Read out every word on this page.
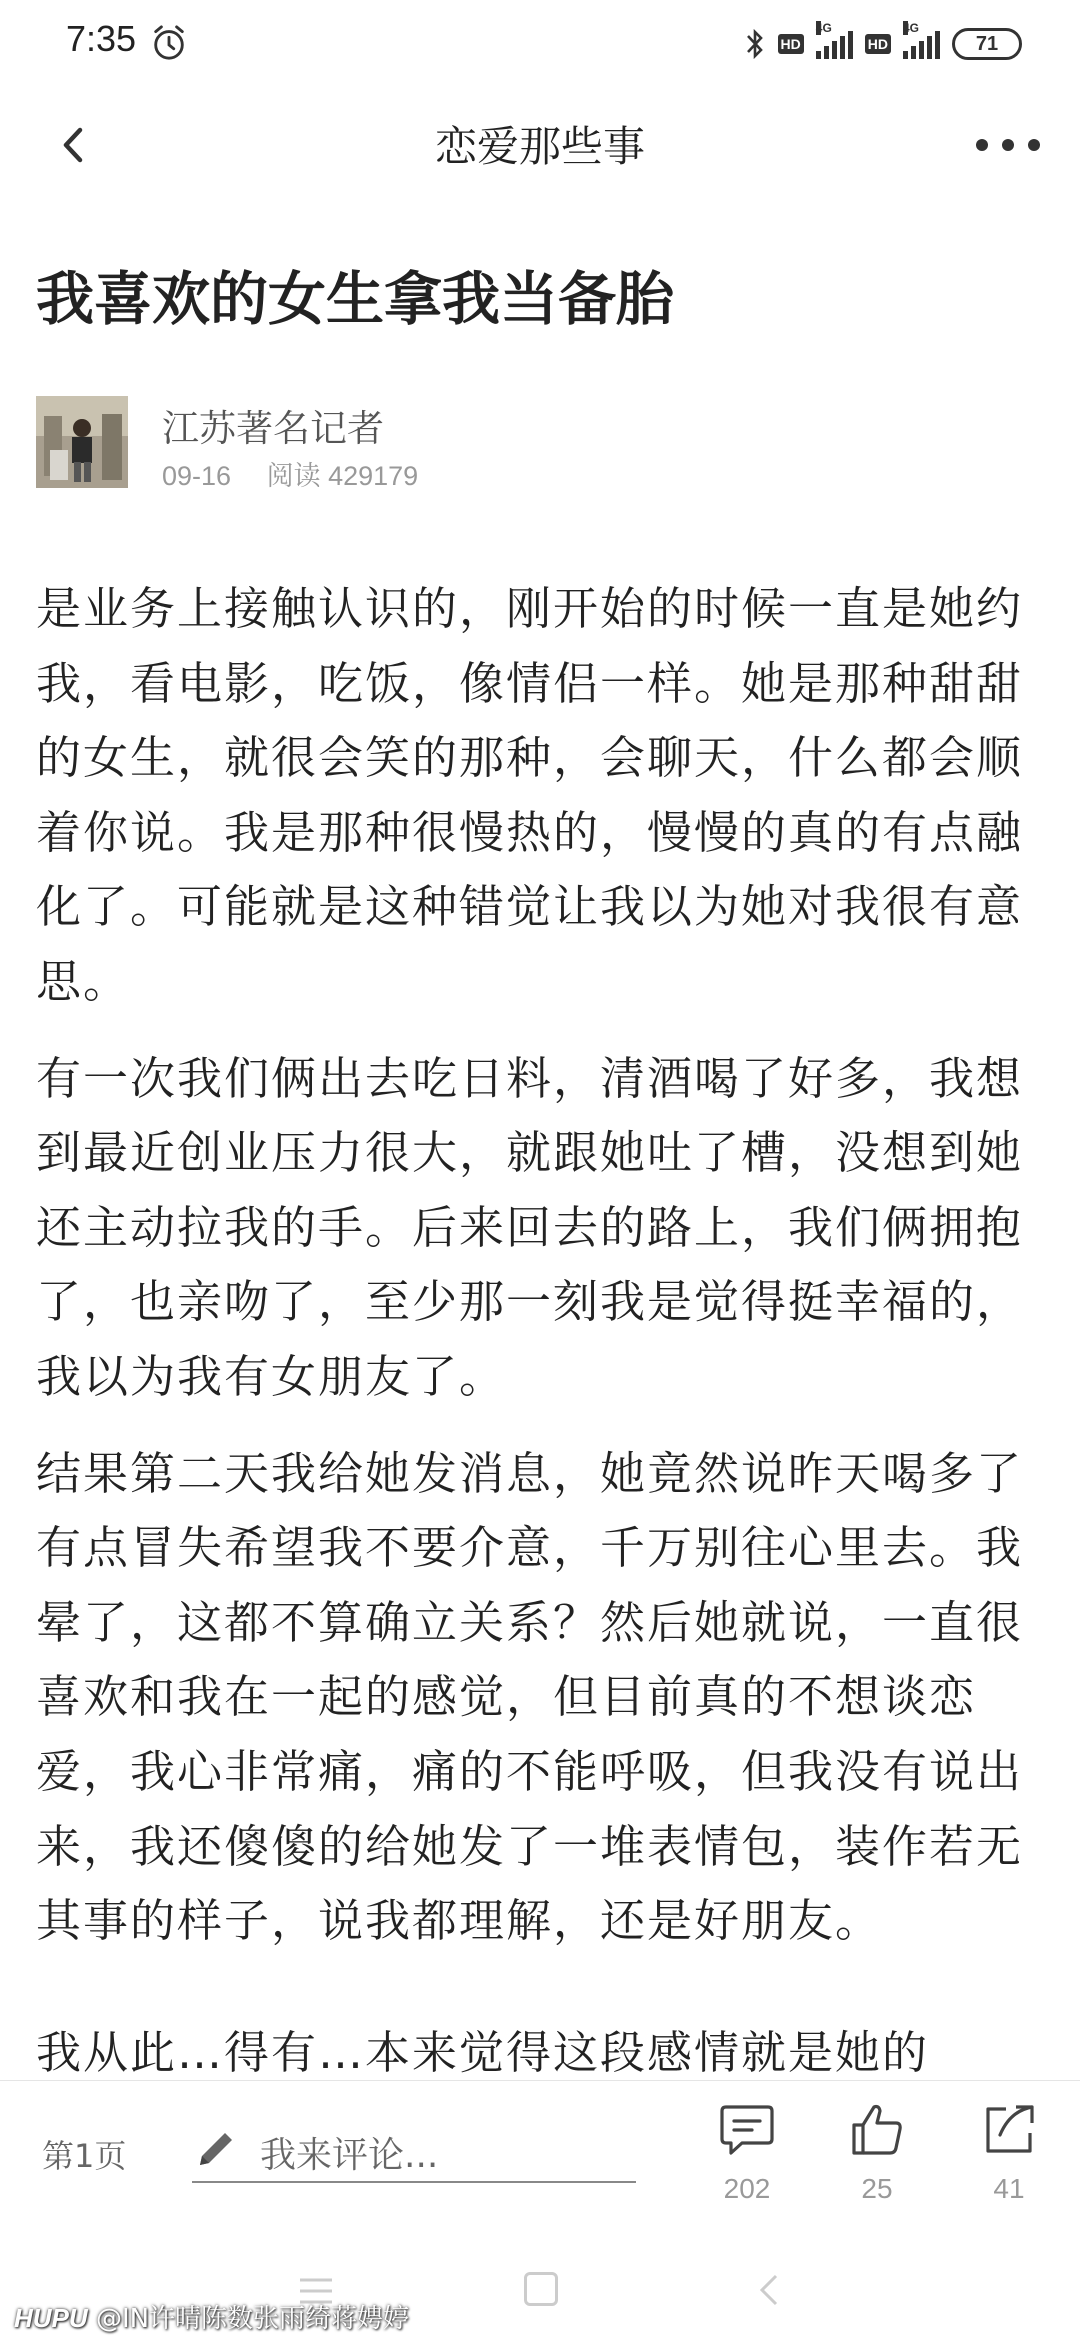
7:35	HD
4G
HD
4G
71
恋爱那些事
我喜欢的女生拿我当备胎
江苏著名记者
09-16 阅读 429179

是业务上接触认识的，刚开始的时候一直是她约我，看电影，吃饭，像情侣一样。她是那种甜甜的女生，就很会笑的那种，会聊天，什么都会顺着你说。我是那种很慢热的，慢慢的真的有点融化了。可能就是这种错觉让我以为她对我很有意思。

有一次我们俩出去吃日料，清酒喝了好多，我想到最近创业压力很大，就跟她吐了槽，没想到她还主动拉我的手。后来回去的路上，我们俩拥抱了，也亲吻了，至少那一刻我是觉得挺幸福的，我以为我有女朋友了。

结果第二天我给她发消息，她竟然说昨天喝多了有点冒失希望我不要介意，千万别往心里去。我晕了，这都不算确立关系？然后她就说，一直很喜欢和我在一起的感觉，但目前真的不想谈恋爱，我心非常痛，痛的不能呼吸，但我没有说出来，我还傻傻的给她发了一堆表情包，装作若无其事的样子，说我都理解，还是好朋友。

我从此…得有…本来觉得这段感情就是她的
第1页	我来评论...
202	25	41
HUPU @IN许晴陈数张雨绮蒋娉婷
